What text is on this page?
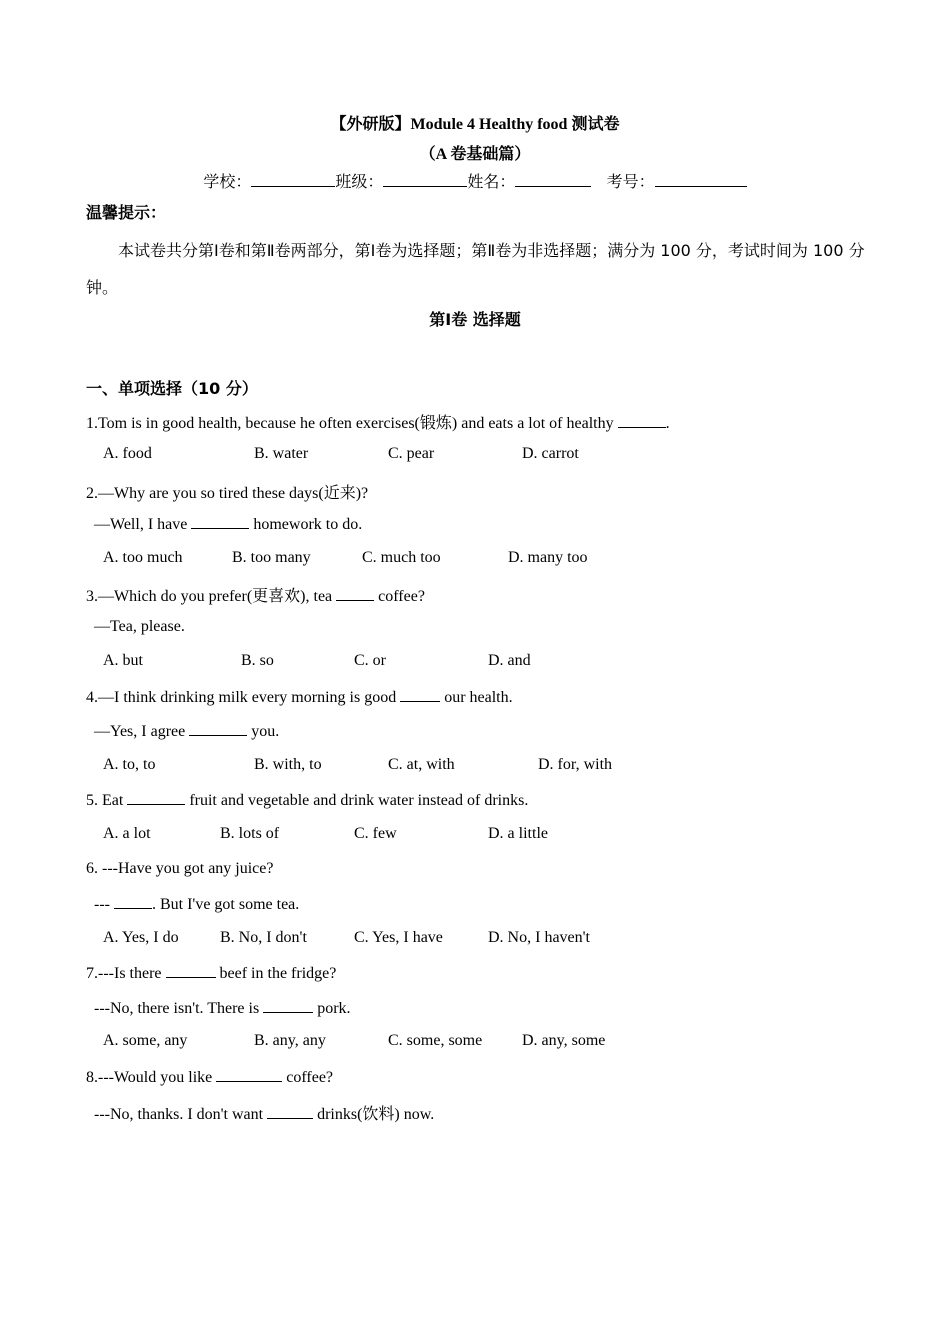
【外研版】Module 4 Healthy food 测试卷
（A 卷基础篇）
学校：	班级：	姓名：	考号：
温馨提示：
本试卷共分第Ⅰ卷和第Ⅱ卷两部分，第Ⅰ卷为选择题；第Ⅱ卷为非选择题；满分为 100 分，考试时间为 100 分钟。
第Ⅰ卷 选择题
一、单项选择（10 分）
1.Tom is in good health, because he often exercises(锻炼) and eats a lot of healthy	.
A. food	B. water	C. pear	D. carrot
2.—Why are you so tired these days(近来)?
—Well, I have	homework to do.
A. too much	B. too many	C. much too	D. many too
3.—Which do you prefer(更喜欢), tea  coffee?
—Tea, please.
A. but	B. so	C. or	D. and
4.—I think drinking milk every morning is good	our health.
—Yes, I agree	you.
A. to, to	B. with, to	C. at, with	D. for, with
5. Eat	fruit and vegetable and drink water instead of drinks.
A. a lot	B. lots of	C. few	D. a little
6. ---Have you got any juice?
--- . But I've got some tea.
A. Yes, I do	B. No, I don't	C. Yes, I have	D. No, I haven't
7.---Is there	beef in the fridge?
---No, there isn't. There is	pork.
A. some, any	B. any, any	C. some, some D. any, some
8.---Would you like	coffee?
---No, thanks. I don't want	drinks(饮料) now.
